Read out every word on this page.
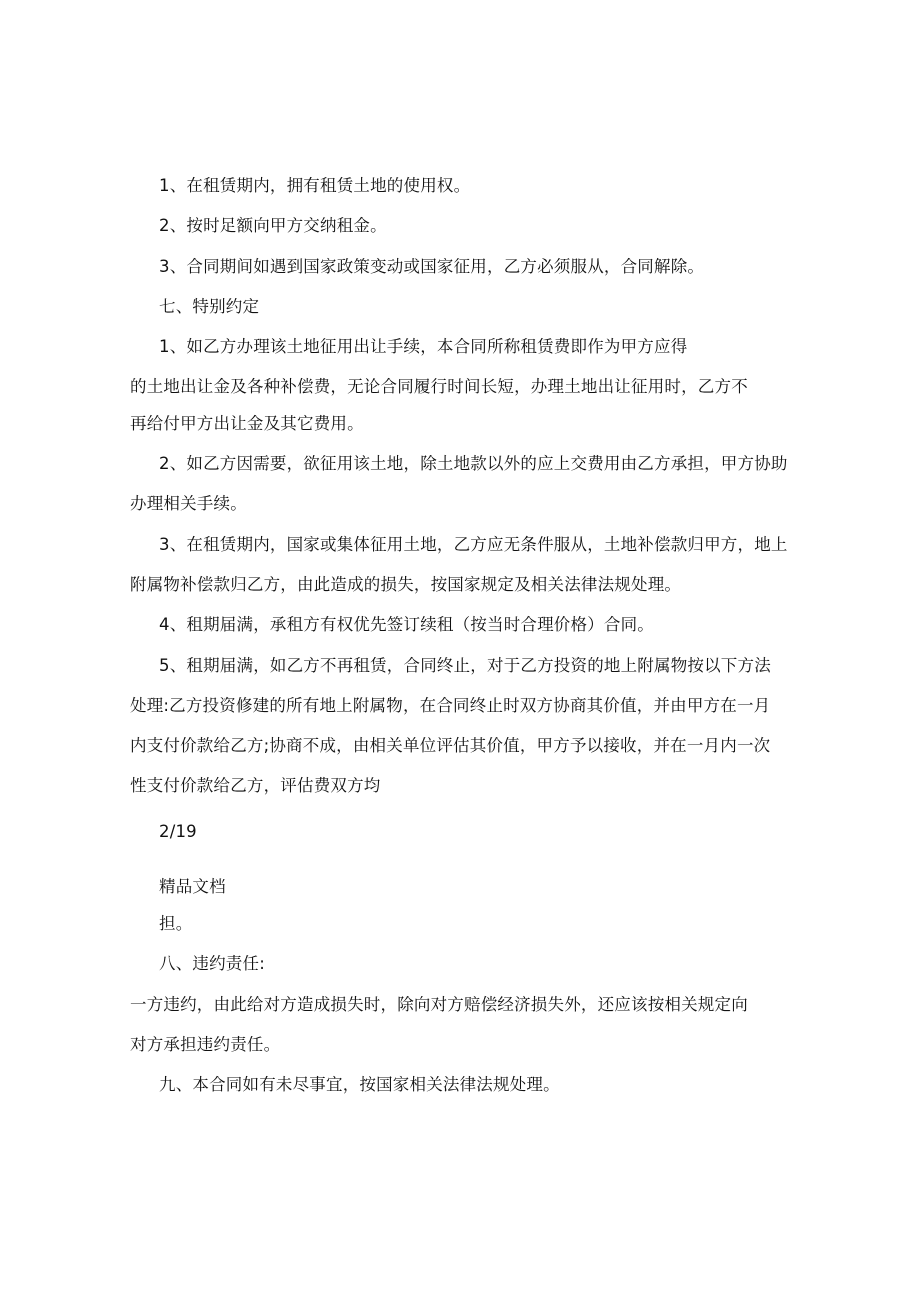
1、在租赁期内，拥有租赁土地的使用权。
2、按时足额向甲方交纳租金。
3、合同期间如遇到国家政策变动或国家征用，乙方必须服从，合同解除。
七、特别约定
1、如乙方办理该土地征用出让手续，本合同所称租赁费即作为甲方应得
的土地出让金及各种补偿费，无论合同履行时间长短，办理土地出让征用时，乙方不
再给付甲方出让金及其它费用。
2、如乙方因需要，欲征用该土地，除土地款以外的应上交费用由乙方承担，甲方协助
办理相关手续。
3、在租赁期内，国家或集体征用土地，乙方应无条件服从，土地补偿款归甲方，地上
附属物补偿款归乙方，由此造成的损失，按国家规定及相关法律法规处理。
4、租期届满，承租方有权优先签订续租（按当时合理价格）合同。
5、租期届满，如乙方不再租赁，合同终止，对于乙方投资的地上附属物按以下方法
处理:乙方投资修建的所有地上附属物，在合同终止时双方协商其价值，并由甲方在一月
内支付价款给乙方;协商不成，由相关单位评估其价值，甲方予以接收，并在一月内一次
性支付价款给乙方，评估费双方均
2/19
精品文档
担。
八、违约责任:
一方违约，由此给对方造成损失时，除向对方赔偿经济损失外，还应该按相关规定向
对方承担违约责任。
九、本合同如有未尽事宜，按国家相关法律法规处理。
